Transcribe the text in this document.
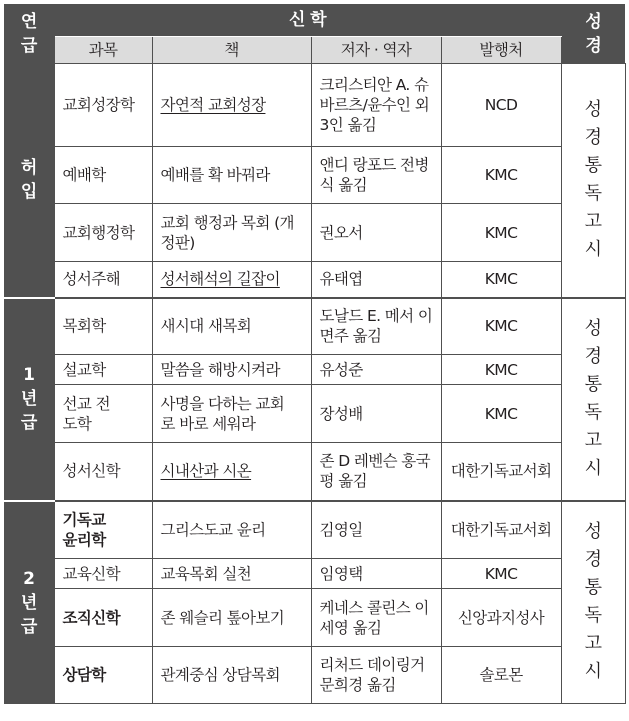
연급	신 학				성경
	과목	책	저자 · 역자	발행처	
허입	교회성장학	자연적 교회성장	크리스티안 A. 슈바르츠/윤수인 외 3인 옮김	NCD	성경통독고시
	예배학	예배를 확 바꿔라	앤디 랑포드 전병식 옮김	KMC	
	교회행정학	교회 행정과 목회 (개정판)	권오서	KMC	
	성서주해	성서해석의 길잡이	유태엽	KMC	
1년급	목회학	새시대 새목회	도날드 E. 메서 이면주 옮김	KMC	성경통독고시
	설교학	말씀을 해방시켜라	유성준	KMC	
	선교 전도학	사명을 다하는 교회로 바로 세워라	장성배	KMC	
	성서신학	시내산과 시온	존 D 레벤슨 홍국평 옮김	대한기독교서회	
2년급	기독교 윤리학	그리스도교 윤리	김영일	대한기독교서회	성경통독고시
	교육신학	교육목회 실천	임영택	KMC	
	조직신학	존 웨슬리 톺아보기	케네스 콜린스 이세영 옮김	신앙과지성사	
	상담학	관계중심 상담목회	리처드 데이링거 문희경 옮김	솔로몬	
